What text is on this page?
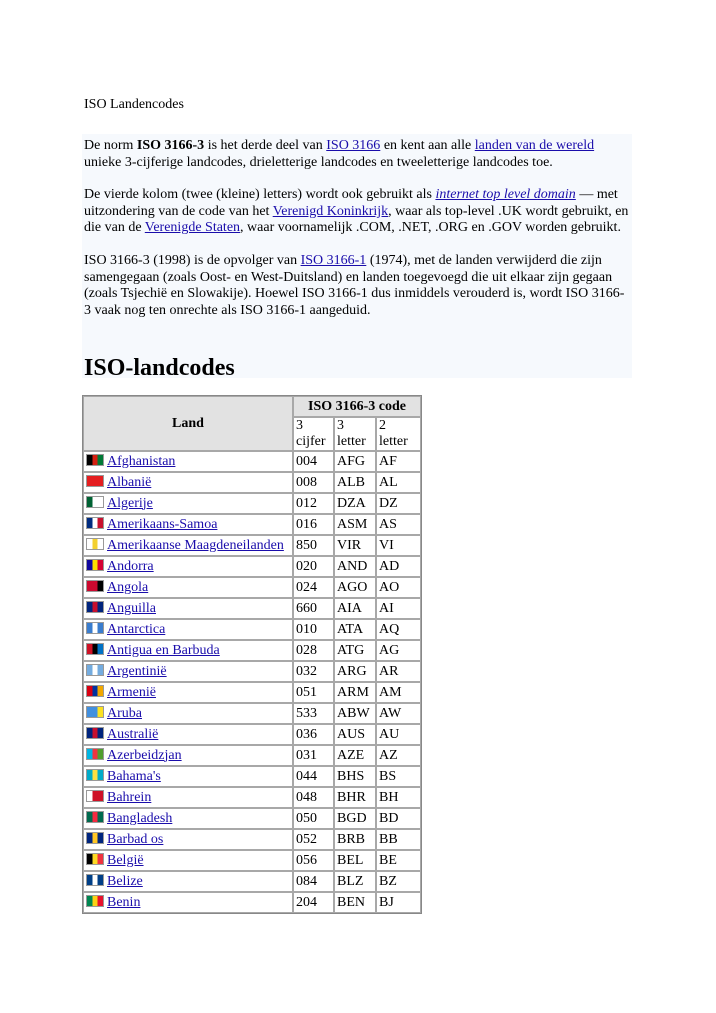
ISO Landencodes

De norm ISO 3166-3 is het derde deel van ISO 3166 en kent aan alle landen van de wereld unieke 3-cijferige landcodes, drieletterige landcodes en tweeletterige landcodes toe.

De vierde kolom (twee (kleine) letters) wordt ook gebruikt als internet top level domain — met uitzondering van de code van het Verenigd Koninkrijk, waar als top-level .UK wordt gebruikt, en die van de Verenigde Staten, waar voornamelijk .COM, .NET, .ORG en .GOV worden gebruikt.

ISO 3166-3 (1998) is de opvolger van ISO 3166-1 (1974), met de landen verwijderd die zijn samengegaan (zoals Oost- en West-Duitsland) en landen toegevoegd die uit elkaar zijn gegaan (zoals Tsjechië en Slowakije). Hoewel ISO 3166-1 dus inmiddels verouderd is, wordt ISO 3166-3 vaak nog ten onrechte als ISO 3166-1 aangeduid.

ISO-landcodes
Land	ISO 3166-3 code		
	3 cijfer	3 letter	2 letter
Afghanistan	004	AFG	AF
Albanië	008	ALB	AL
Algerije	012	DZA	DZ
Amerikaans-Samoa	016	ASM	AS
Amerikaanse Maagdeneilanden	850	VIR	VI
Andorra	020	AND	AD
Angola	024	AGO	AO
Anguilla	660	AIA	AI
Antarctica	010	ATA	AQ
Antigua en Barbuda	028	ATG	AG
Argentinië	032	ARG	AR
Armenië	051	ARM	AM
Aruba	533	ABW	AW
Australië	036	AUS	AU
Azerbeidzjan	031	AZE	AZ
Bahama's	044	BHS	BS
Bahrein	048	BHR	BH
Bangladesh	050	BGD	BD
Barbad os	052	BRB	BB
België	056	BEL	BE
Belize	084	BLZ	BZ
Benin	204	BEN	BJ
